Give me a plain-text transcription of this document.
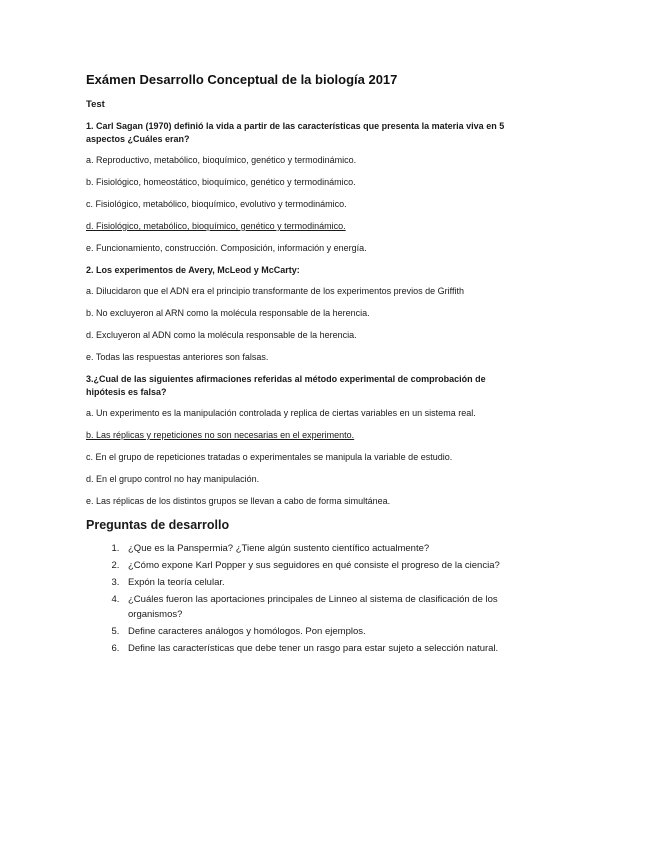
Exámen Desarrollo Conceptual de la biología 2017
Test
1. Carl Sagan (1970) definió la vida a partir de las características que presenta la materia viva en 5 aspectos ¿Cuáles eran?
a. Reproductivo, metabólico, bioquímico, genético y termodinámico.
b. Fisiológico, homeostático, bioquímico, genético y termodinámico.
c. Fisiológico, metabólico, bioquímico, evolutivo y termodinámico.
d. Fisiológico, metabólico, bioquímico, genético y termodinámico.
e. Funcionamiento, construcción. Composición, información y energía.
2. Los experimentos de Avery, McLeod y McCarty:
a. Dilucidaron que el ADN era el principio transformante de los experimentos previos de Griffith
b. No excluyeron al ARN como la molécula responsable de la herencia.
d. Excluyeron al ADN como la molécula responsable de la herencia.
e. Todas las respuestas anteriores son falsas.
3.¿Cual de las siguientes afirmaciones referidas al método experimental de comprobación de hipótesis es falsa?
a. Un experimento es la manipulación controlada y replica de ciertas variables en un sistema real.
b. Las réplicas y repeticiones no son necesarias en el experimento.
c. En el grupo de repeticiones tratadas o experimentales se manipula la variable de estudio.
d. En el grupo control no hay manipulación.
e. Las réplicas de los distintos grupos se llevan a cabo de forma simultánea.
Preguntas de desarrollo
1. ¿Que es la Panspermia? ¿Tiene algún sustento científico actualmente?
2. ¿Cómo expone Karl Popper y sus seguidores en qué consiste el progreso de la ciencia?
3. Expón la teoría celular.
4. ¿Cuáles fueron las aportaciones principales de Linneo al sistema de clasificación de los organismos?
5. Define caracteres análogos y homólogos. Pon ejemplos.
6. Define las características que debe tener un rasgo para estar sujeto a selección natural.
